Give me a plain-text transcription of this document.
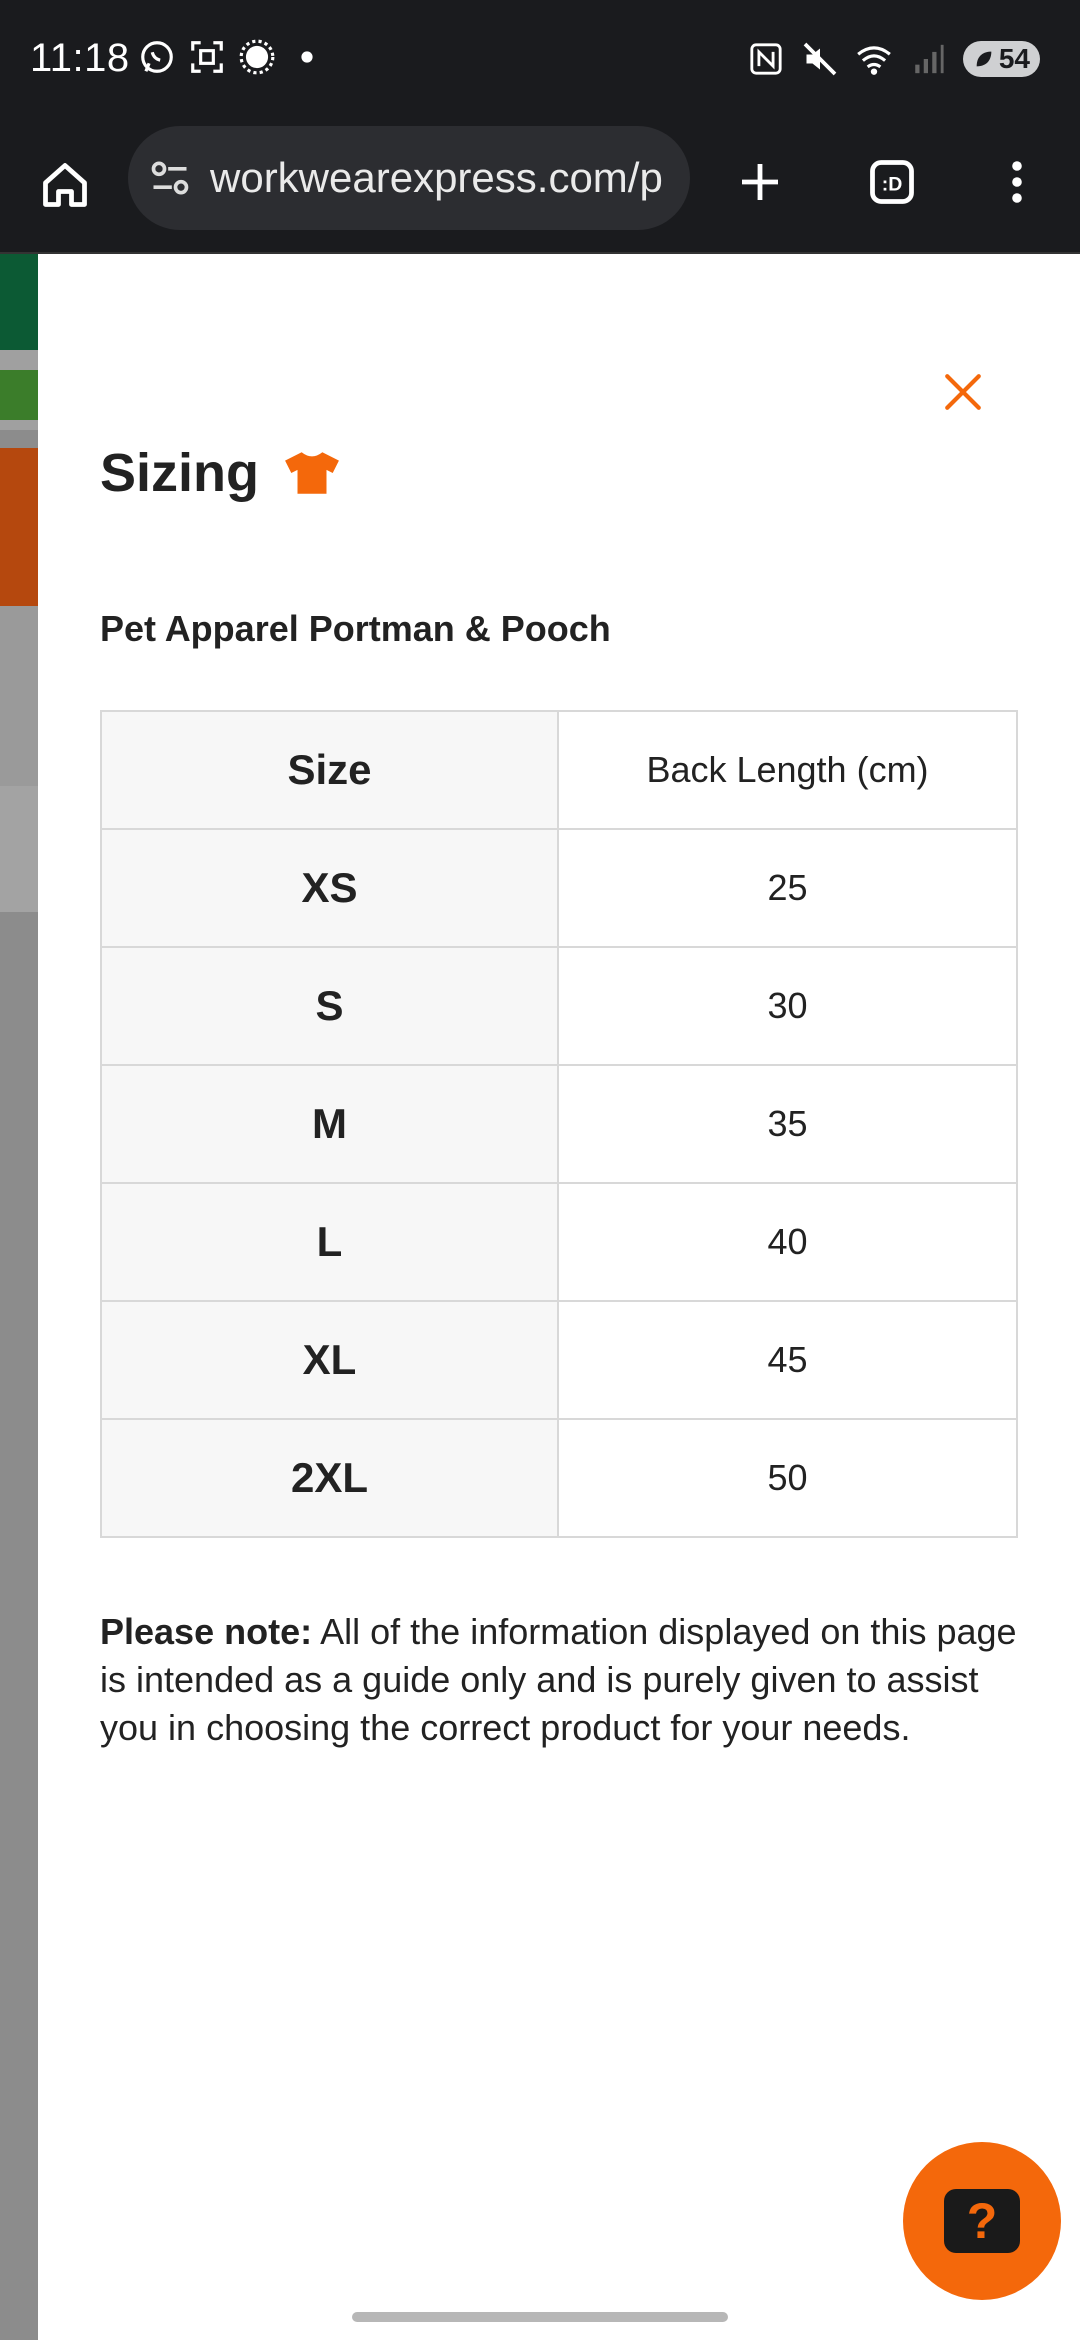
11:18	54
workwearexpress.com/p	:D
Sizing
Pet Apparel Portman & Pooch
Size	Back Length (cm)
XS	25
S	30
M	35
L	40
XL	45
2XL	50

Please note: All of the information displayed on this page is intended as a guide only and is purely given to assist you in choosing the correct product for your needs.

?
